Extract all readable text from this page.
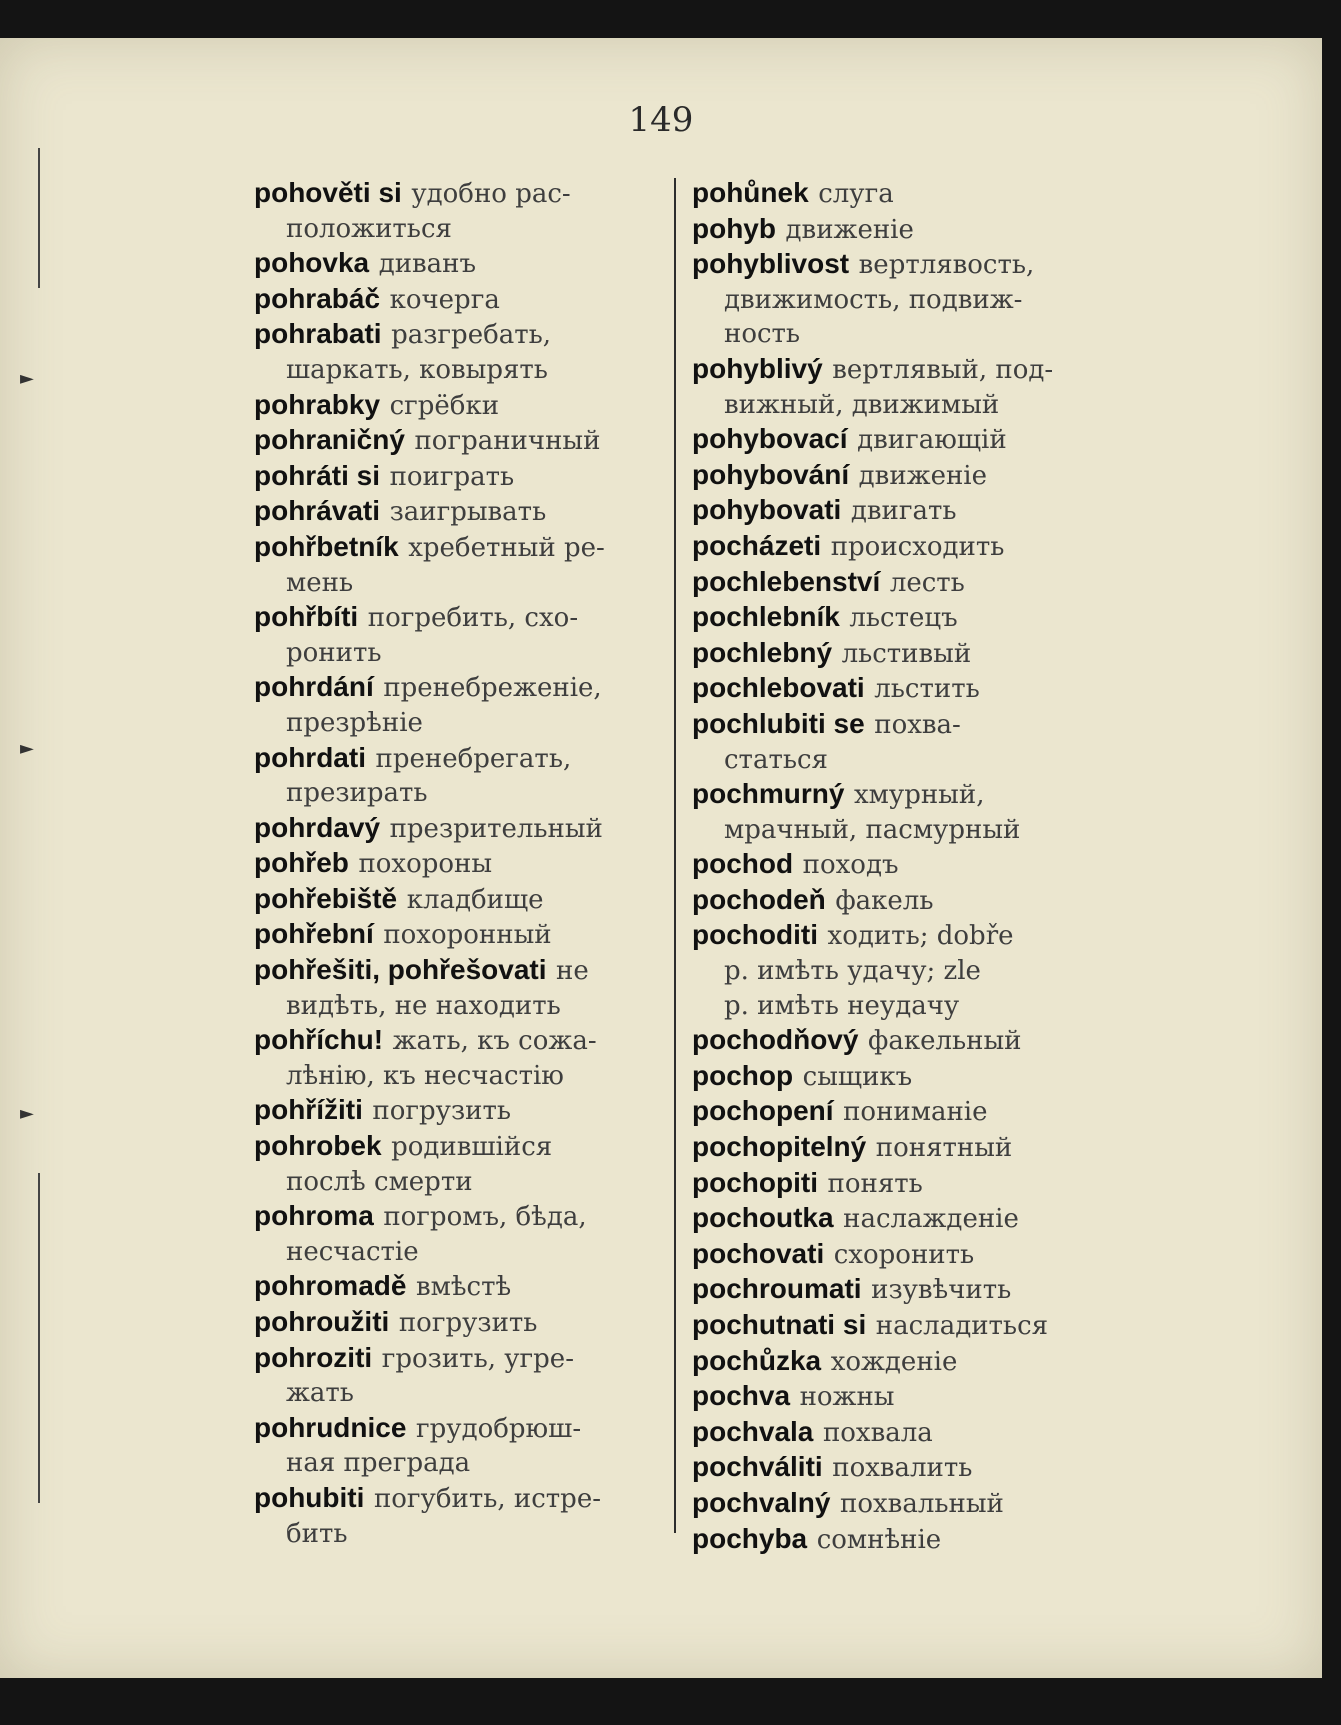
149
►
►
►
pohověti si удобно рас-
положиться
pohovka диванъ
pohrabáč кочерга
pohrabati разгребать,
шаркать, ковырять
pohrabky сгрёбки
pohraničný пограничный
pohráti si поиграть
pohrávati заигрывать
pohřbetník хребетный ре-
мень
pohřbíti погребить, схо-
ронить
pohrdání пренебреженіе,
презрѣніе
pohrdati пренебрегать,
презирать
pohrdavý презрительный
pohřeb похороны
pohřebiště кладбище
pohřební похоронный
pohřešiti, pohřešovati не
видѣть, не находить
pohříchu! жать, къ сожа-
лѣнію, къ несчастію
pohřížiti погрузить
pohrobek родившійся
послѣ смерти
pohroma погромъ, бѣда,
несчастіе
pohromadě вмѣстѣ
pohroužiti погрузить
pohroziti грозить, угре-
жать
pohrudnice грудобрюш-
ная преграда
pohubiti погубить, истре-
бить
pohůnek слуга
pohyb движеніе
pohyblivost вертлявость,
движимость, подвиж-
ность
pohyblivý вертлявый, под-
вижный, движимый
pohybovací двигающій
pohybování движеніе
pohybovati двигать
pocházeti происходить
pochlebenství лесть
pochlebník льстецъ
pochlebný льстивый
pochlebovati льстить
pochlubiti se похва-
статься
pochmurný хмурный,
мрачный, пасмурный
pochod походъ
pochodeň факель
pochoditi ходить; dobře
p. имѣть удачу; zle
p. имѣть неудачу
pochodňový факельный
pochop сыщикъ
pochopení пониманіе
pochopitelný понятный
pochopiti понять
pochoutka наслажденіе
pochovati схоронить
pochroumati изувѣчить
pochutnati si насладиться
pochůzka хожденіе
pochva ножны
pochvala похвала
pochváliti похвалить
pochvalný похвальный
pochyba сомнѣніе
